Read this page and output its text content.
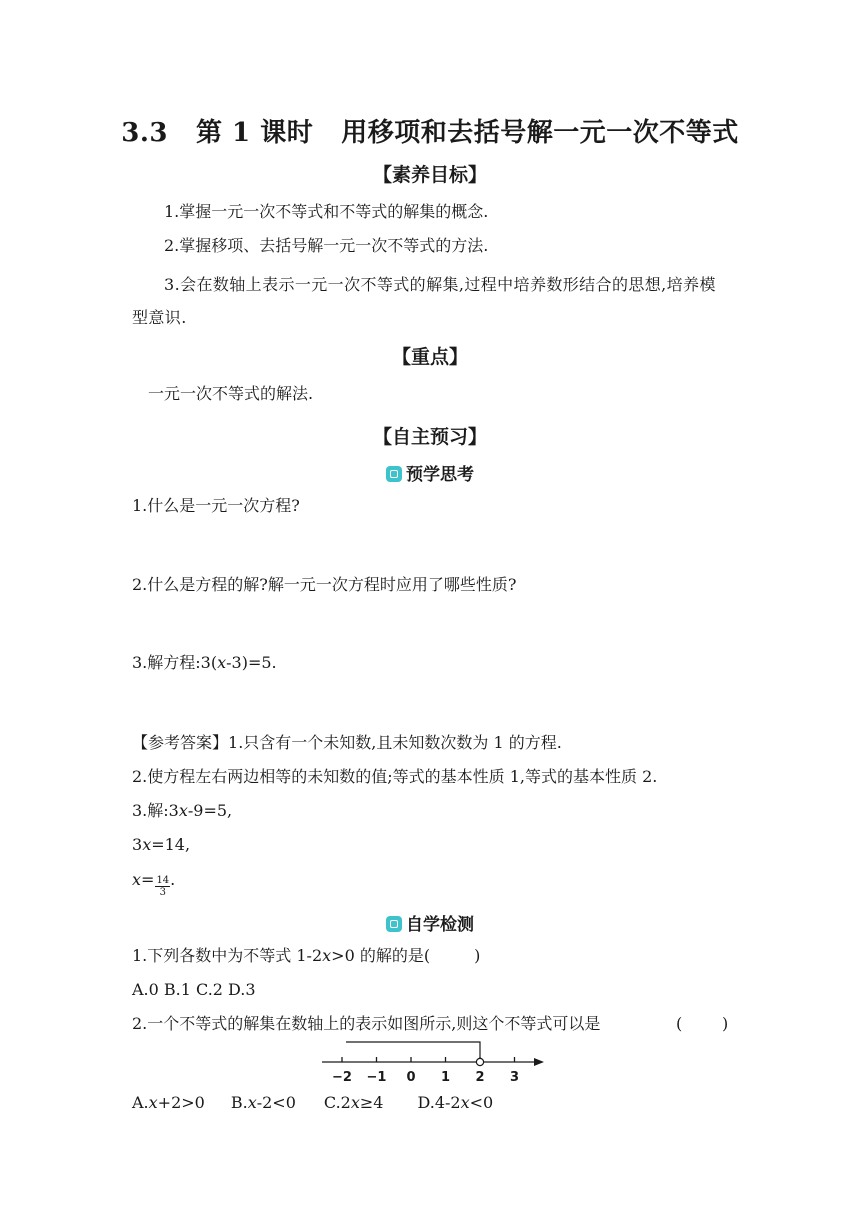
3.3 第 1 课时 用移项和去括号解一元一次不等式
【素养目标】
1.掌握一元一次不等式和不等式的解集的概念.
2.掌握移项、去括号解一元一次不等式的方法.
3.会在数轴上表示一元一次不等式的解集,过程中培养数形结合的思想,培养模型意识.
【重点】
一元一次不等式的解法.
【自主预习】
预学思考
1.什么是一元一次方程?
2.什么是方程的解?解一元一次方程时应用了哪些性质?
3.解方程:3(x-3)=5.
【参考答案】1.只含有一个未知数,且未知数次数为 1 的方程.
2.使方程左右两边相等的未知数的值;等式的基本性质 1,等式的基本性质 2.
3.解:3x-9=5,
3x=14,
$x= \frac{14}{3}$ .
自学检测
1.下列各数中为不等式 1-2x>0 的解的是(	)
A.0 B.1 C.2 D.3
2.一个不等式的解集在数轴上的表示如图所示,则这个不等式可以是	( )
−2 −1 0 1 2 3
A.x+2>0 B.x-2<0 C.2x≥4 D.4-2x<0
